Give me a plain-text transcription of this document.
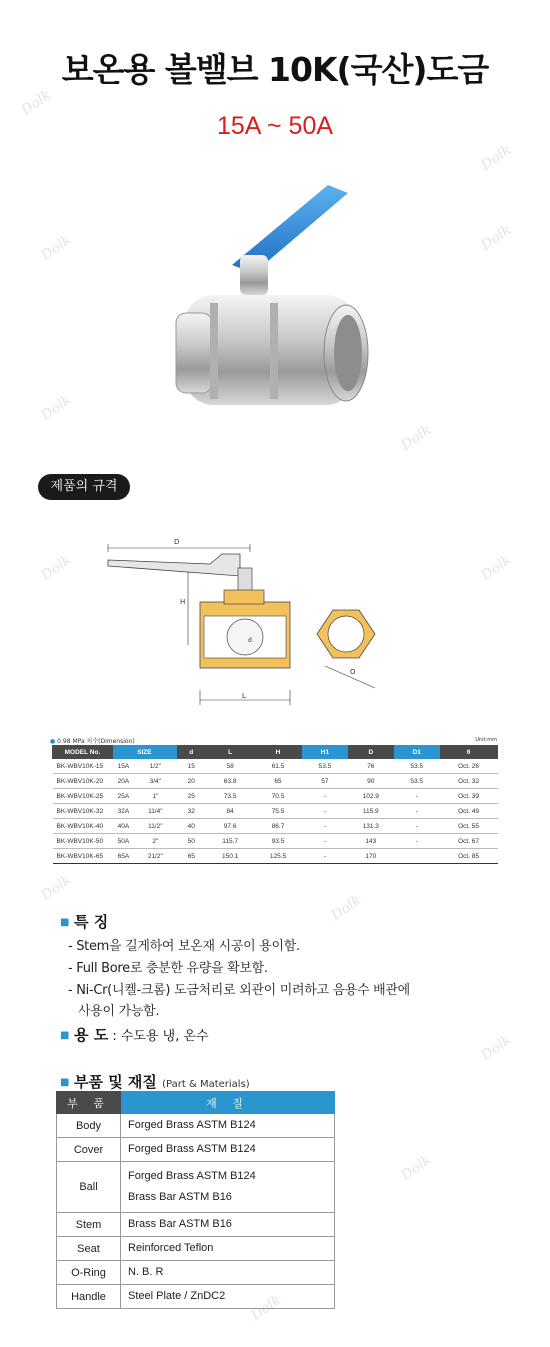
Dolk
Dolk
Dolk	Dolk
Dolk
Dolk
Dolk	Dolk
Dolk
Dolk
Dolk
Dolk
Dolk
보온용 볼밸브 10K(국산)도금
15A ~ 50A
제품의 규격
D
H
d
L
O
● 0.98 MPa 치수(Dimension)	Unit:mm
MODEL No.	SIZE		d	L	H	H1	D	D1	θ
BK-WBV10K-15	15A	1/2"	15	58	61.5	53.5	76	53.5	Oct. 26
BK-WBV10K-20	20A	3/4"	20	63.8	65	57	90	53.5	Oct. 32
BK-WBV10K-25	25A	1"	25	73.5	70.5	-	102.9	-	Oct. 39
BK-WBV10K-32	32A	11/4"	32	84	75.5	-	115.9	-	Oct. 49
BK-WBV10K-40	40A	11/2"	40	97.6	86.7	-	131.3	-	Oct. 55
BK-WBV10K-50	50A	2"	50	115.7	93.5	-	143	-	Oct. 67
BK-WBV10K-65	65A	21/2"	65	150.1	125.5	-	170		Oct. 85
■ 특 징
- Stem을 길게하여 보온재 시공이 용이함.
- Full Bore로 충분한 유량을 확보함.
- Ni-Cr(니켈-크롬) 도금처리로 외관이 미려하고 음용수 배관에
사용이 가능함.
■ 용 도 : 수도용 냉, 온수
■ 부품 및 재질 (Part & Materials)
부 품	재 질
Body	Forged Brass ASTM B124

Cover	Forged Brass ASTM B124

Ball	Forged Brass ASTM B124
Brass Bar ASTM B16

Stem	Brass Bar ASTM B16

Seat	Reinforced Teflon

O-Ring	N. B. R

Handle	Steel Plate / ZnDC2
